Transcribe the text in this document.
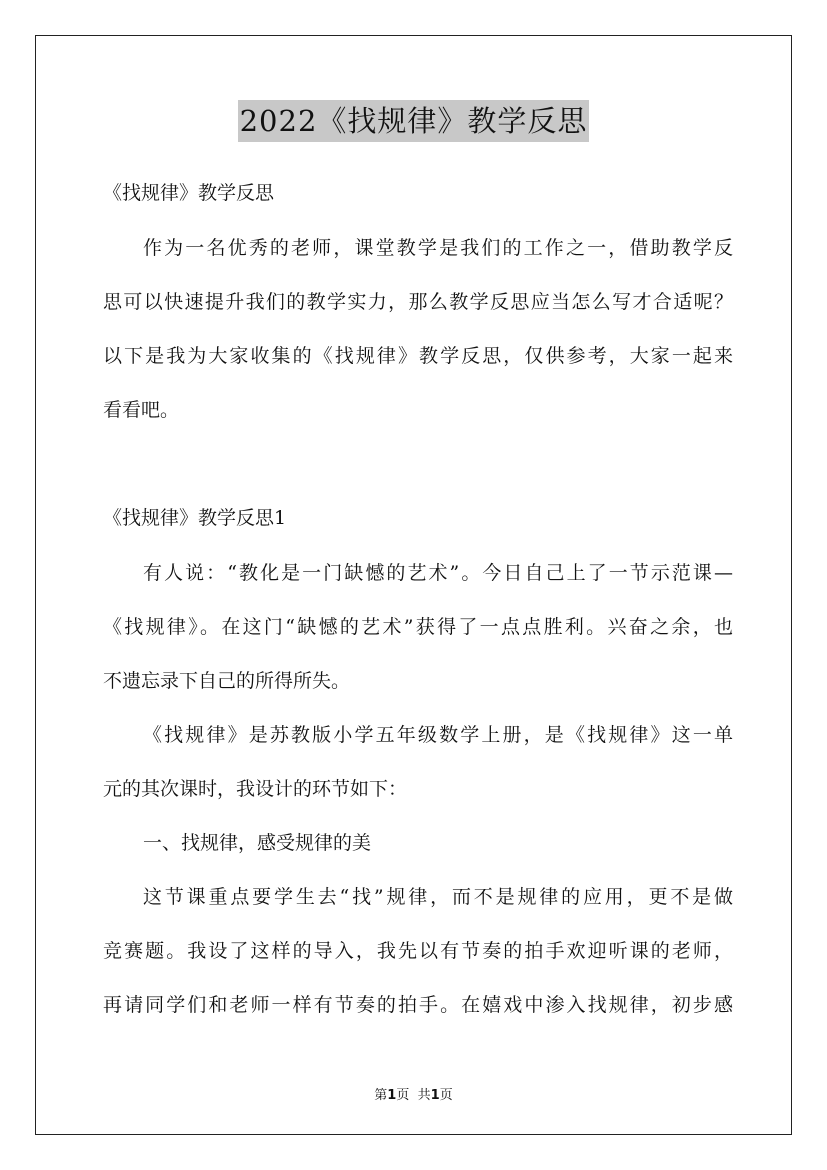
2022《找规律》教学反思
《找规律》教学反思
作为一名优秀的老师，课堂教学是我们的工作之一，借助教学反
思可以快速提升我们的教学实力，那么教学反思应当怎么写才合适呢？
以下是我为大家收集的《找规律》教学反思，仅供参考，大家一起来
看看吧。
《找规律》教学反思1
有人说：“教化是一门缺憾的艺术”。今日自己上了一节示范课—
《找规律》。在这门“缺憾的艺术”获得了一点点胜利。兴奋之余，也
不遗忘录下自己的所得所失。
《找规律》是苏教版小学五年级数学上册，是《找规律》这一单
元的其次课时，我设计的环节如下：
一、找规律，感受规律的美
这节课重点要学生去“找”规律，而不是规律的应用，更不是做
竞赛题。我设了这样的导入，我先以有节奏的拍手欢迎听课的老师，
再请同学们和老师一样有节奏的拍手。在嬉戏中渗入找规律，初步感
第1页 共1页
